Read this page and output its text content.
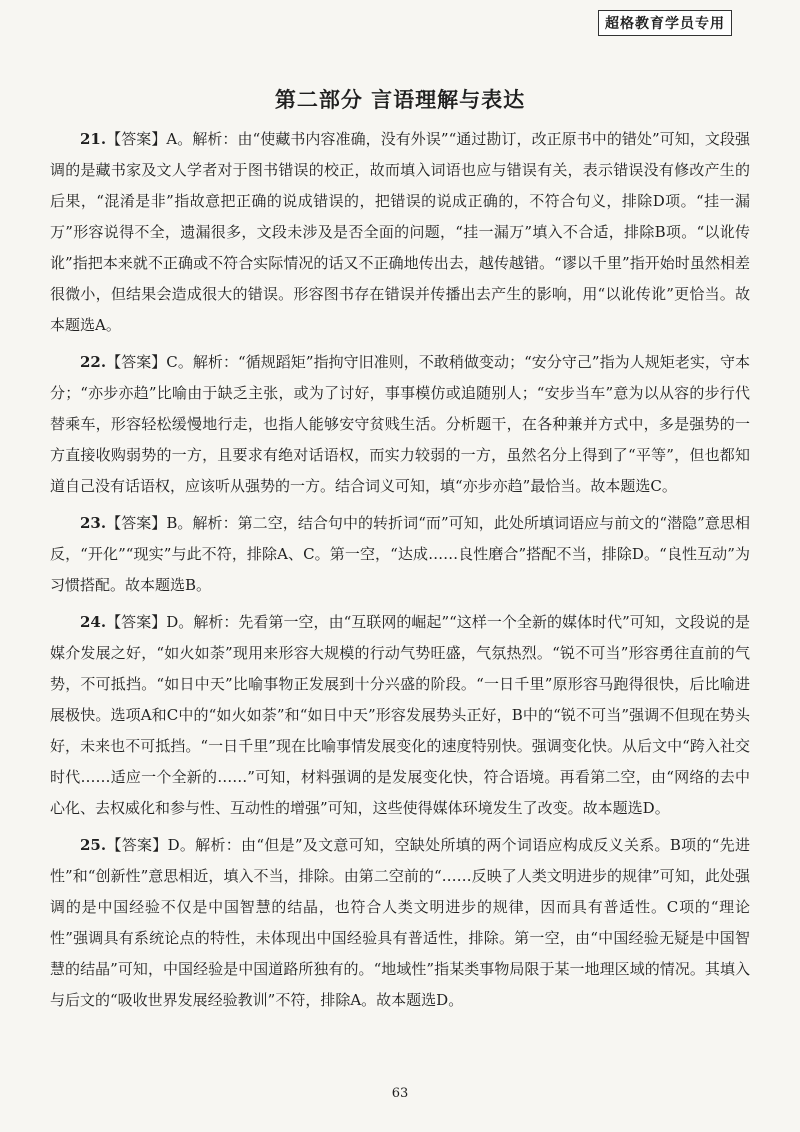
超格教育学员专用
第二部分 言语理解与表达

21.【答案】A。解析：由“使藏书内容准确，没有外误”“通过勘订，改正原书中的错处”可知，文段强调的是藏书家及文人学者对于图书错误的校正，故而填入词语也应与错误有关，表示错误没有修改产生的后果，“混淆是非”指故意把正确的说成错误的，把错误的说成正确的，不符合句义，排除D项。“挂一漏万”形容说得不全，遗漏很多，文段未涉及是否全面的问题，“挂一漏万”填入不合适，排除B项。“以讹传讹”指把本来就不正确或不符合实际情况的话又不正确地传出去，越传越错。“谬以千里”指开始时虽然相差很微小，但结果会造成很大的错误。形容图书存在错误并传播出去产生的影响，用“以讹传讹”更恰当。故本题选A。

22.【答案】C。解析：“循规蹈矩”指拘守旧准则，不敢稍做变动；“安分守己”指为人规矩老实，守本分；“亦步亦趋”比喻由于缺乏主张，或为了讨好，事事模仿或追随别人；“安步当车”意为以从容的步行代替乘车，形容轻松缓慢地行走，也指人能够安守贫贱生活。分析题干，在各种兼并方式中，多是强势的一方直接收购弱势的一方，且要求有绝对话语权，而实力较弱的一方，虽然名分上得到了“平等”，但也都知道自己没有话语权，应该听从强势的一方。结合词义可知，填“亦步亦趋”最恰当。故本题选C。

23.【答案】B。解析：第二空，结合句中的转折词“而”可知，此处所填词语应与前文的“潜隐”意思相反，“开化”“现实”与此不符，排除A、C。第一空，“达成……良性磨合”搭配不当，排除D。“良性互动”为习惯搭配。故本题选B。

24.【答案】D。解析：先看第一空，由“互联网的崛起”“这样一个全新的媒体时代”可知，文段说的是媒介发展之好，“如火如荼”现用来形容大规模的行动气势旺盛，气氛热烈。“锐不可当”形容勇往直前的气势，不可抵挡。“如日中天”比喻事物正发展到十分兴盛的阶段。“一日千里”原形容马跑得很快，后比喻进展极快。选项A和C中的“如火如荼”和“如日中天”形容发展势头正好，B中的“锐不可当”强调不但现在势头好，未来也不可抵挡。“一日千里”现在比喻事情发展变化的速度特别快。强调变化快。从后文中“跨入社交时代……适应一个全新的……”可知，材料强调的是发展变化快，符合语境。再看第二空，由“网络的去中心化、去权威化和参与性、互动性的增强”可知，这些使得媒体环境发生了改变。故本题选D。

25.【答案】D。解析：由“但是”及文意可知，空缺处所填的两个词语应构成反义关系。B项的“先进性”和“创新性”意思相近，填入不当，排除。由第二空前的“……反映了人类文明进步的规律”可知，此处强调的是中国经验不仅是中国智慧的结晶，也符合人类文明进步的规律，因而具有普适性。C项的“理论性”强调具有系统论点的特性，未体现出中国经验具有普适性，排除。第一空，由“中国经验无疑是中国智慧的结晶”可知，中国经验是中国道路所独有的。“地域性”指某类事物局限于某一地理区域的情况。其填入与后文的“吸收世界发展经验教训”不符，排除A。故本题选D。

63
